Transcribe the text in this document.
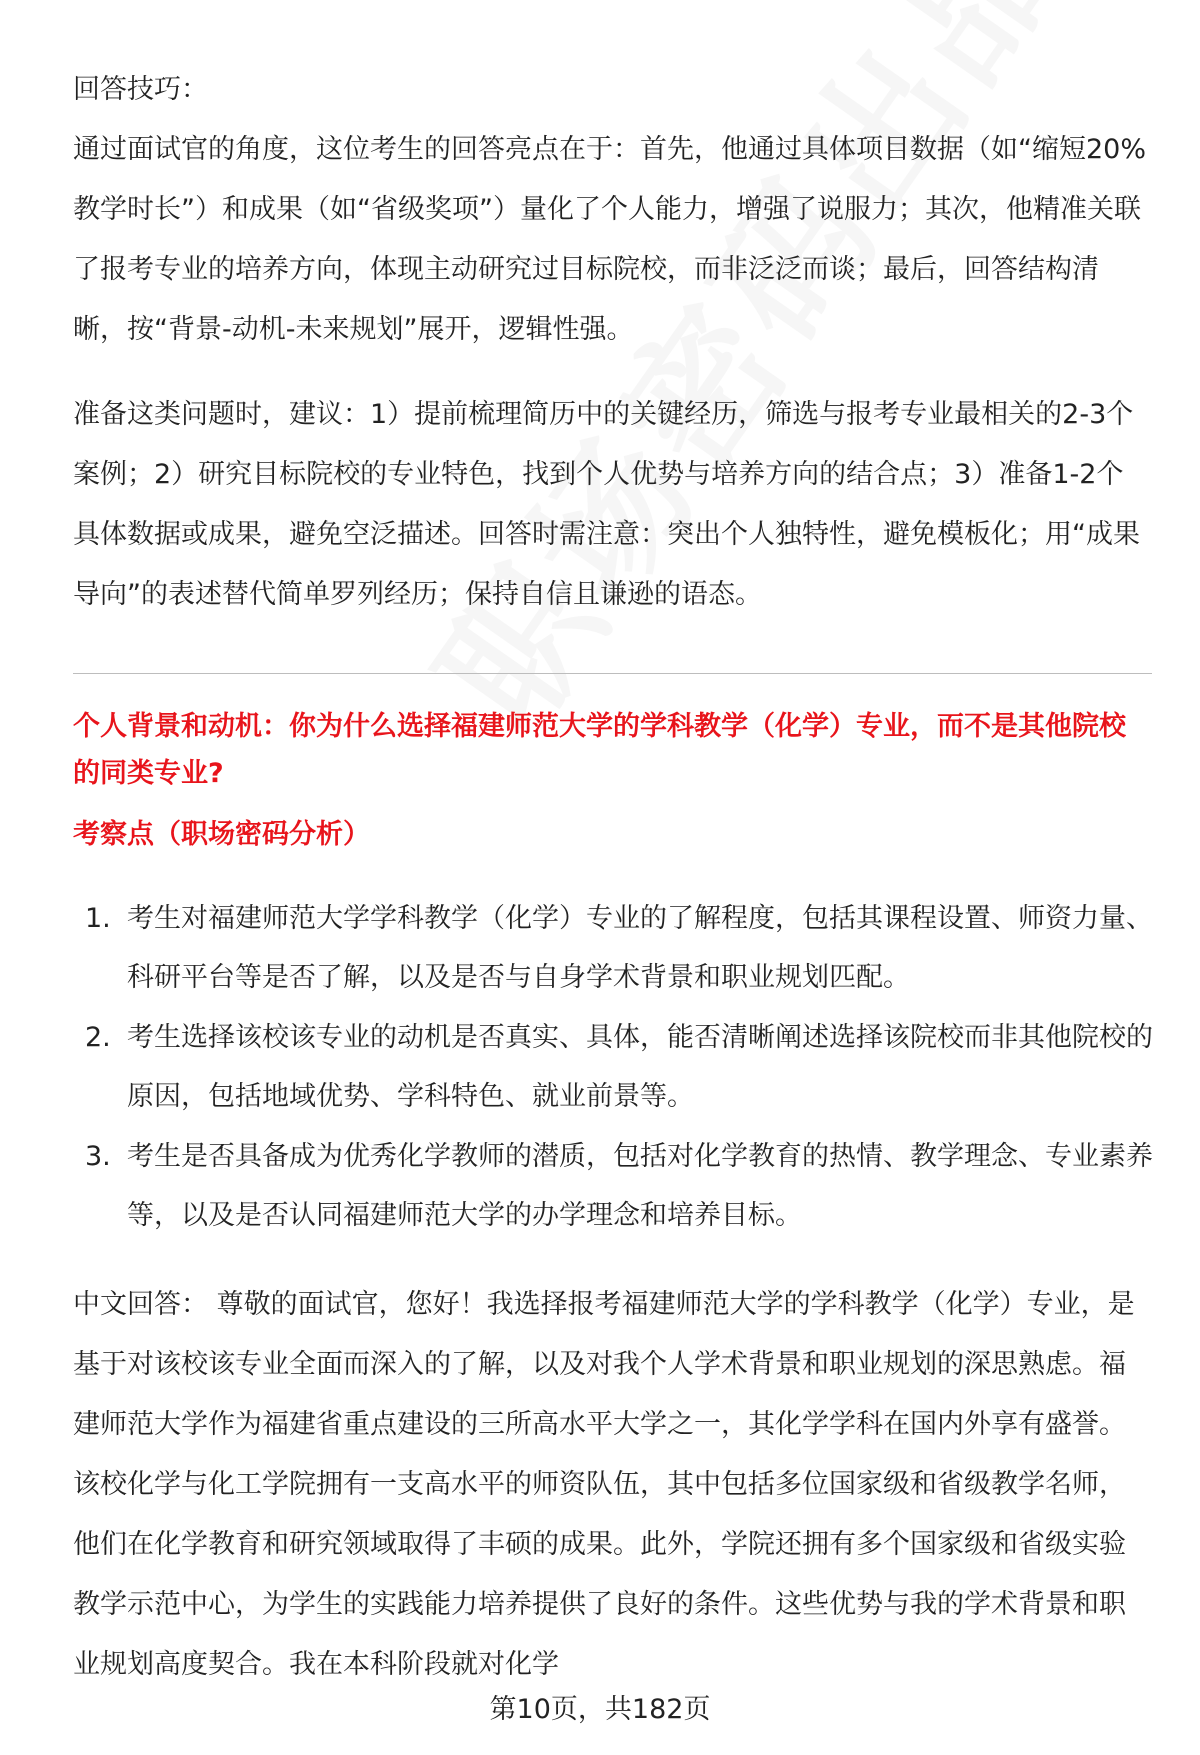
回答技巧：

通过面试官的角度，这位考生的回答亮点在于：首先，他通过具体项目数据（如“缩短20%教学时长”）和成果（如“省级奖项”）量化了个人能力，增强了说服力；其次，他精准关联了报考专业的培养方向，体现主动研究过目标院校，而非泛泛而谈；最后，回答结构清晰，按“背景-动机-未来规划”展开，逻辑性强。

准备这类问题时，建议：1）提前梳理简历中的关键经历，筛选与报考专业最相关的2-3个案例；2）研究目标院校的专业特色，找到个人优势与培养方向的结合点；3）准备1-2个具体数据或成果，避免空泛描述。回答时需注意：突出个人独特性，避免模板化；用“成果导向”的表述替代简单罗列经历；保持自信且谦逊的语态。

个人背景和动机：你为什么选择福建师范大学的学科教学（化学）专业，而不是其他院校的同类专业?

考察点（职场密码分析）

1. 考生对福建师范大学学科教学（化学）专业的了解程度，包括其课程设置、师资力量、科研平台等是否了解，以及是否与自身学术背景和职业规划匹配。
2. 考生选择该校该专业的动机是否真实、具体，能否清晰阐述选择该院校而非其他院校的原因，包括地域优势、学科特色、就业前景等。
3. 考生是否具备成为优秀化学教师的潜质，包括对化学教育的热情、教学理念、专业素养等，以及是否认同福建师范大学的办学理念和培养目标。

中文回答： 尊敬的面试官，您好！我选择报考福建师范大学的学科教学（化学）专业，是基于对该校该专业全面而深入的了解，以及对我个人学术背景和职业规划的深思熟虑。福建师范大学作为福建省重点建设的三所高水平大学之一，其化学学科在国内外享有盛誉。该校化学与化工学院拥有一支高水平的师资队伍，其中包括多位国家级和省级教学名师，他们在化学教育和研究领域取得了丰硕的成果。此外，学院还拥有多个国家级和省级实验教学示范中心，为学生的实践能力培养提供了良好的条件。这些优势与我的学术背景和职业规划高度契合。我在本科阶段就对化学

第10页，共182页
